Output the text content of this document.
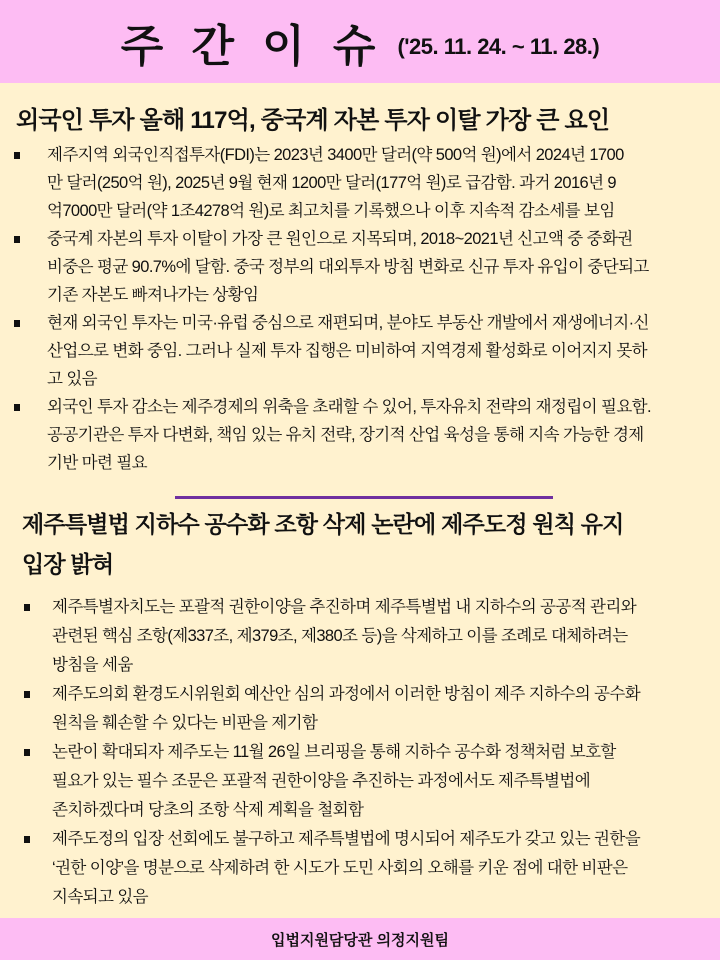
주 간 이 슈 ('25. 11. 24. ~ 11. 28.)
외국인 투자 올해 117억, 중국계 자본 투자 이탈 가장 큰 요인
제주지역 외국인직접투자(FDI)는 2023년 3400만 달러(약 500억 원)에서 2024년 1700
만 달러(250억 원), 2025년 9월 현재 1200만 달러(177억 원)로 급감함. 과거 2016년 9
억7000만 달러(약 1조4278억 원)로 최고치를 기록했으나 이후 지속적 감소세를 보임
중국계 자본의 투자 이탈이 가장 큰 원인으로 지목되며, 2018~2021년 신고액 중 중화권
비중은 평균 90.7%에 달함. 중국 정부의 대외투자 방침 변화로 신규 투자 유입이 중단되고
기존 자본도 빠져나가는 상황임
현재 외국인 투자는 미국·유럽 중심으로 재편되며, 분야도 부동산 개발에서 재생에너지·신
산업으로 변화 중임. 그러나 실제 투자 집행은 미비하여 지역경제 활성화로 이어지지 못하
고 있음
외국인 투자 감소는 제주경제의 위축을 초래할 수 있어, 투자유치 전략의 재정립이 필요함.
공공기관은 투자 다변화, 책임 있는 유치 전략, 장기적 산업 육성을 통해 지속 가능한 경제
기반 마련 필요
제주특별법 지하수 공수화 조항 삭제 논란에 제주도정 원칙 유지
입장 밝혀
제주특별자치도는 포괄적 권한이양을 추진하며 제주특별법 내 지하수의 공공적 관리와
관련된 핵심 조항(제337조, 제379조, 제380조 등)을 삭제하고 이를 조례로 대체하려는
방침을 세움
제주도의회 환경도시위원회 예산안 심의 과정에서 이러한 방침이 제주 지하수의 공수화
원칙을 훼손할 수 있다는 비판을 제기함
논란이 확대되자 제주도는 11월 26일 브리핑을 통해 지하수 공수화 정책처럼 보호할
필요가 있는 필수 조문은 포괄적 권한이양을 추진하는 과정에서도 제주특별법에
존치하겠다며 당초의 조항 삭제 계획을 철회함
제주도정의 입장 선회에도 불구하고 제주특별법에 명시되어 제주도가 갖고 있는 권한을
‘권한 이양’을 명분으로 삭제하려 한 시도가 도민 사회의 오해를 키운 점에 대한 비판은
지속되고 있음
입법지원담당관 의정지원팀
